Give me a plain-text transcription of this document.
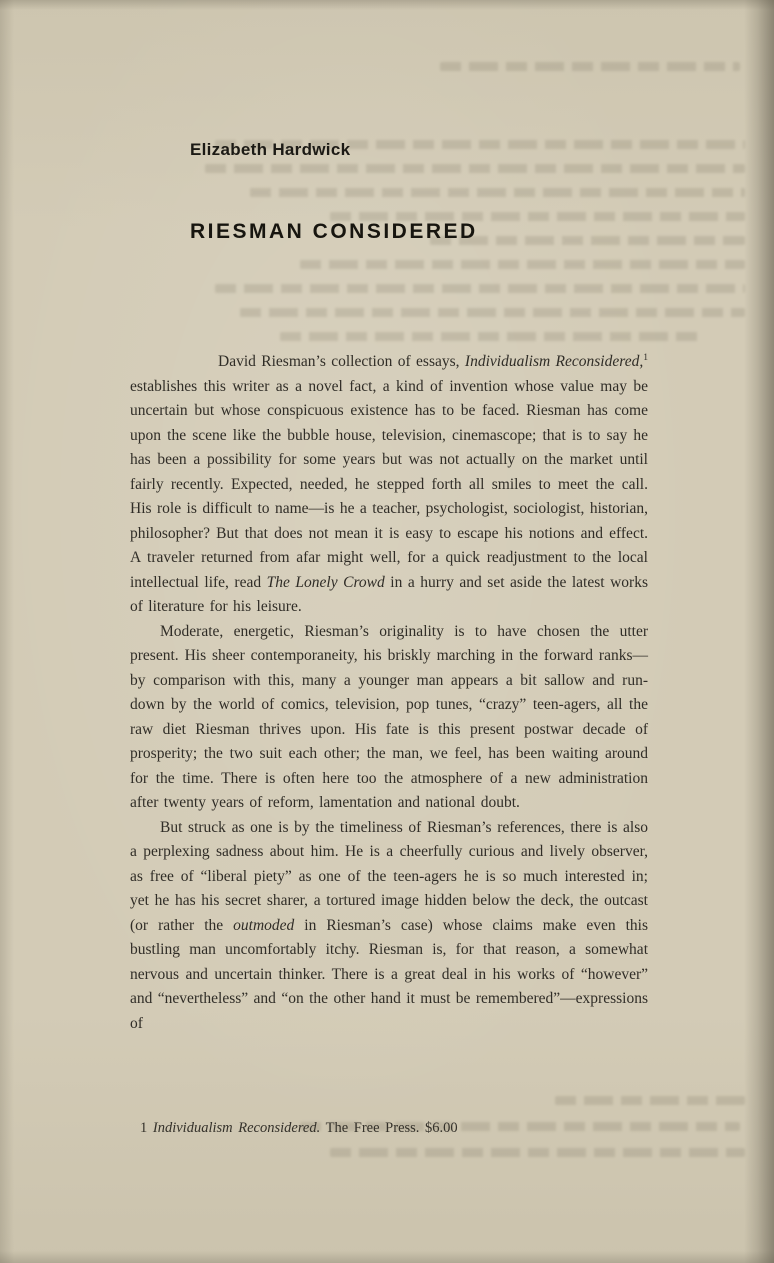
Elizabeth Hardwick
RIESMAN CONSIDERED

David Riesman’s collection of essays, Individualism Reconsidered,$^1$ establishes this writer as a novel fact, a kind of invention whose value may be uncertain but whose conspicuous existence has to be faced. Riesman has come upon the scene like the bubble house, television, cinemascope; that is to say he has been a possibility for some years but was not actually on the market until fairly recently. Expected, needed, he stepped forth all smiles to meet the call. His role is difficult to name—is he a teacher, psychologist, sociologist, historian, philosopher? But that does not mean it is easy to escape his notions and effect. A traveler returned from afar might well, for a quick readjustment to the local intellectual life, read The Lonely Crowd in a hurry and set aside the latest works of literature for his leisure.

Moderate, energetic, Riesman’s originality is to have chosen the utter present. His sheer contemporaneity, his briskly marching in the forward ranks—by comparison with this, many a younger man appears a bit sallow and run-down by the world of comics, television, pop tunes, “crazy” teen-agers, all the raw diet Riesman thrives upon. His fate is this present postwar decade of prosperity; the two suit each other; the man, we feel, has been waiting around for the time. There is often here too the atmosphere of a new administration after twenty years of reform, lamentation and national doubt.

But struck as one is by the timeliness of Riesman’s references, there is also a perplexing sadness about him. He is a cheerfully curious and lively observer, as free of “liberal piety” as one of the teen-agers he is so much interested in; yet he has his secret sharer, a tortured image hidden below the deck, the outcast (or rather the outmoded in Riesman’s case) whose claims make even this bustling man uncomfortably itchy. Riesman is, for that reason, a somewhat nervous and uncertain thinker. There is a great deal in his works of “however” and “nevertheless” and “on the other hand it must be remembered”—expressions of

1 Individualism Reconsidered. The Free Press. $6.00
